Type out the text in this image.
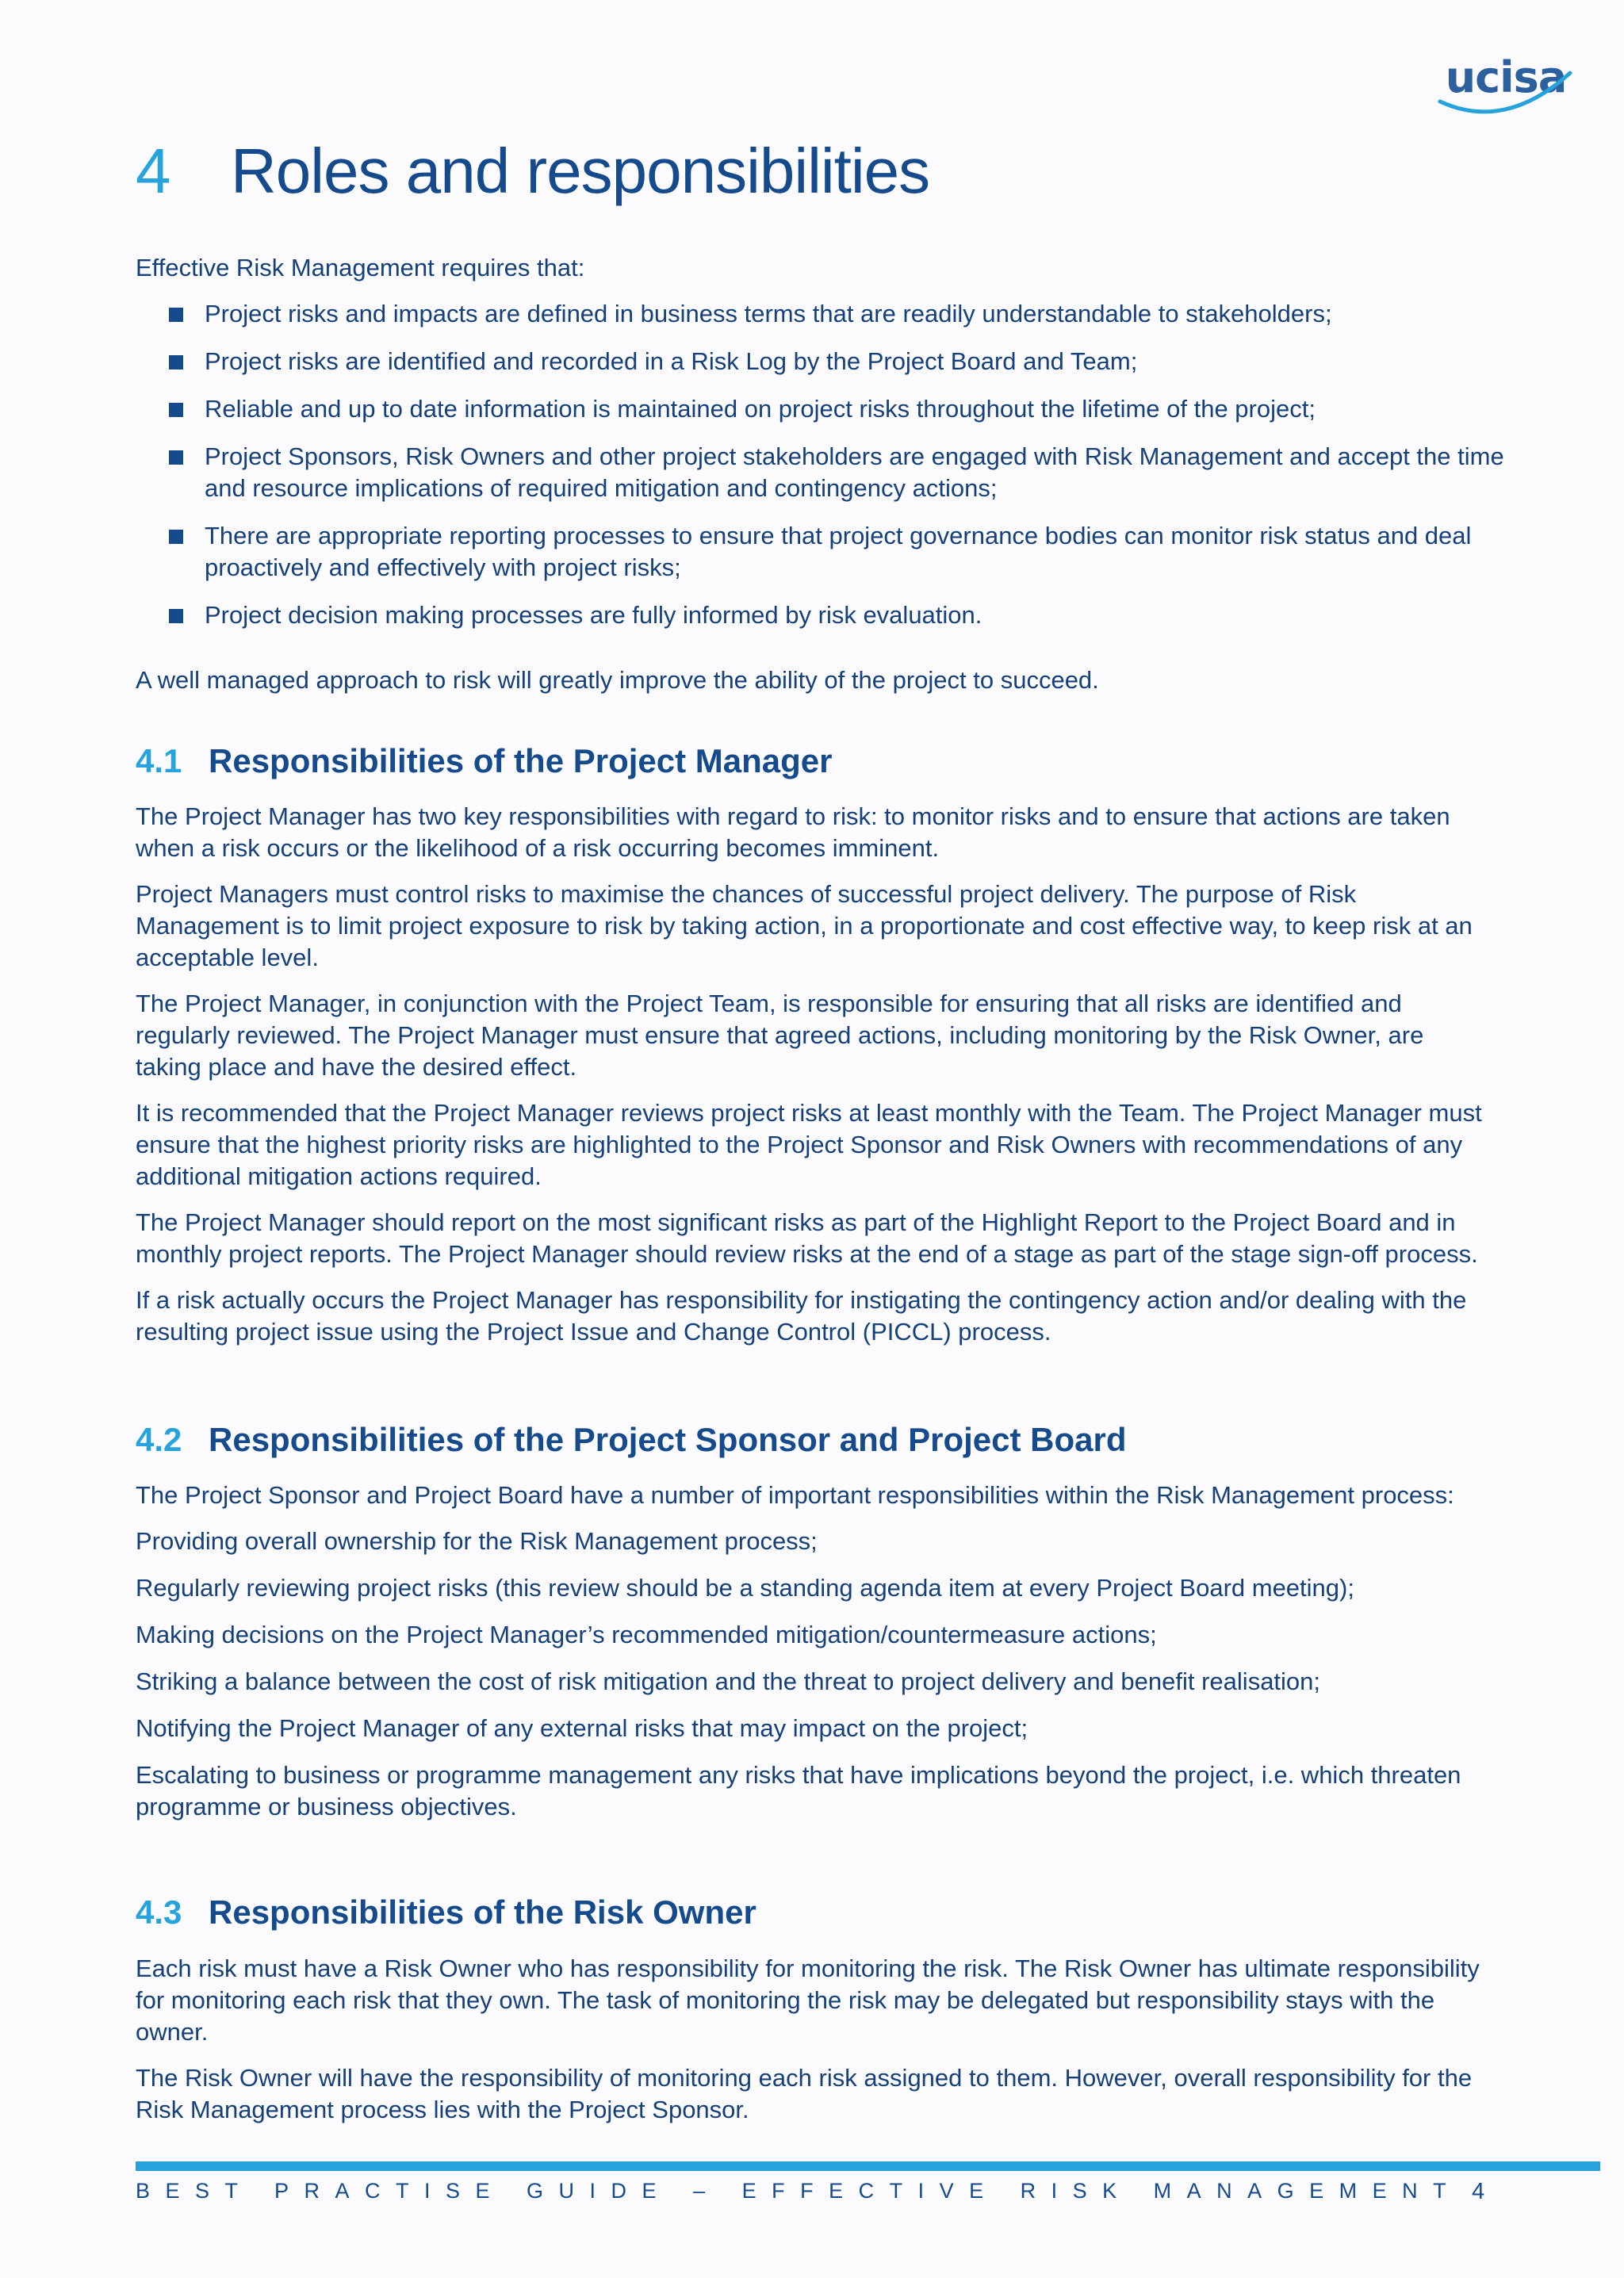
ucisa
4 Roles and responsibilities

Effective Risk Management requires that:

Project risks and impacts are defined in business terms that are readily understandable to stakeholders;
Project risks are identified and recorded in a Risk Log by the Project Board and Team;
Reliable and up to date information is maintained on project risks throughout the lifetime of the project;
Project Sponsors, Risk Owners and other project stakeholders are engaged with Risk Management and accept the time and resource implications of required mitigation and contingency actions;
There are appropriate reporting processes to ensure that project governance bodies can monitor risk status and deal proactively and effectively with project risks;
Project decision making processes are fully informed by risk evaluation.

A well managed approach to risk will greatly improve the ability of the project to succeed.

4.1 Responsibilities of the Project Manager

The Project Manager has two key responsibilities with regard to risk: to monitor risks and to ensure that actions are taken when a risk occurs or the likelihood of a risk occurring becomes imminent.

Project Managers must control risks to maximise the chances of successful project delivery. The purpose of Risk Management is to limit project exposure to risk by taking action, in a proportionate and cost effective way, to keep risk at an acceptable level.

The Project Manager, in conjunction with the Project Team, is responsible for ensuring that all risks are identified and regularly reviewed. The Project Manager must ensure that agreed actions, including monitoring by the Risk Owner, are taking place and have the desired effect.

It is recommended that the Project Manager reviews project risks at least monthly with the Team. The Project Manager must ensure that the highest priority risks are highlighted to the Project Sponsor and Risk Owners with recommendations of any additional mitigation actions required.

The Project Manager should report on the most significant risks as part of the Highlight Report to the Project Board and in monthly project reports. The Project Manager should review risks at the end of a stage as part of the stage sign-off process.

If a risk actually occurs the Project Manager has responsibility for instigating the contingency action and/or dealing with the resulting project issue using the Project Issue and Change Control (PICCL) process.

4.2 Responsibilities of the Project Sponsor and Project Board

The Project Sponsor and Project Board have a number of important responsibilities within the Risk Management process:

Providing overall ownership for the Risk Management process;

Regularly reviewing project risks (this review should be a standing agenda item at every Project Board meeting);

Making decisions on the Project Manager’s recommended mitigation/countermeasure actions;

Striking a balance between the cost of risk mitigation and the threat to project delivery and benefit realisation;

Notifying the Project Manager of any external risks that may impact on the project;

Escalating to business or programme management any risks that have implications beyond the project, i.e. which threaten programme or business objectives.

4.3 Responsibilities of the Risk Owner

Each risk must have a Risk Owner who has responsibility for monitoring the risk. The Risk Owner has ultimate responsibility for monitoring each risk that they own. The task of monitoring the risk may be delegated but responsibility stays with the owner.

The Risk Owner will have the responsibility of monitoring each risk assigned to them. However, overall responsibility for the Risk Management process lies with the Project Sponsor.

BEST PRACTISE GUIDE – EFFECTIVE RISK MANAGEMENT 4
